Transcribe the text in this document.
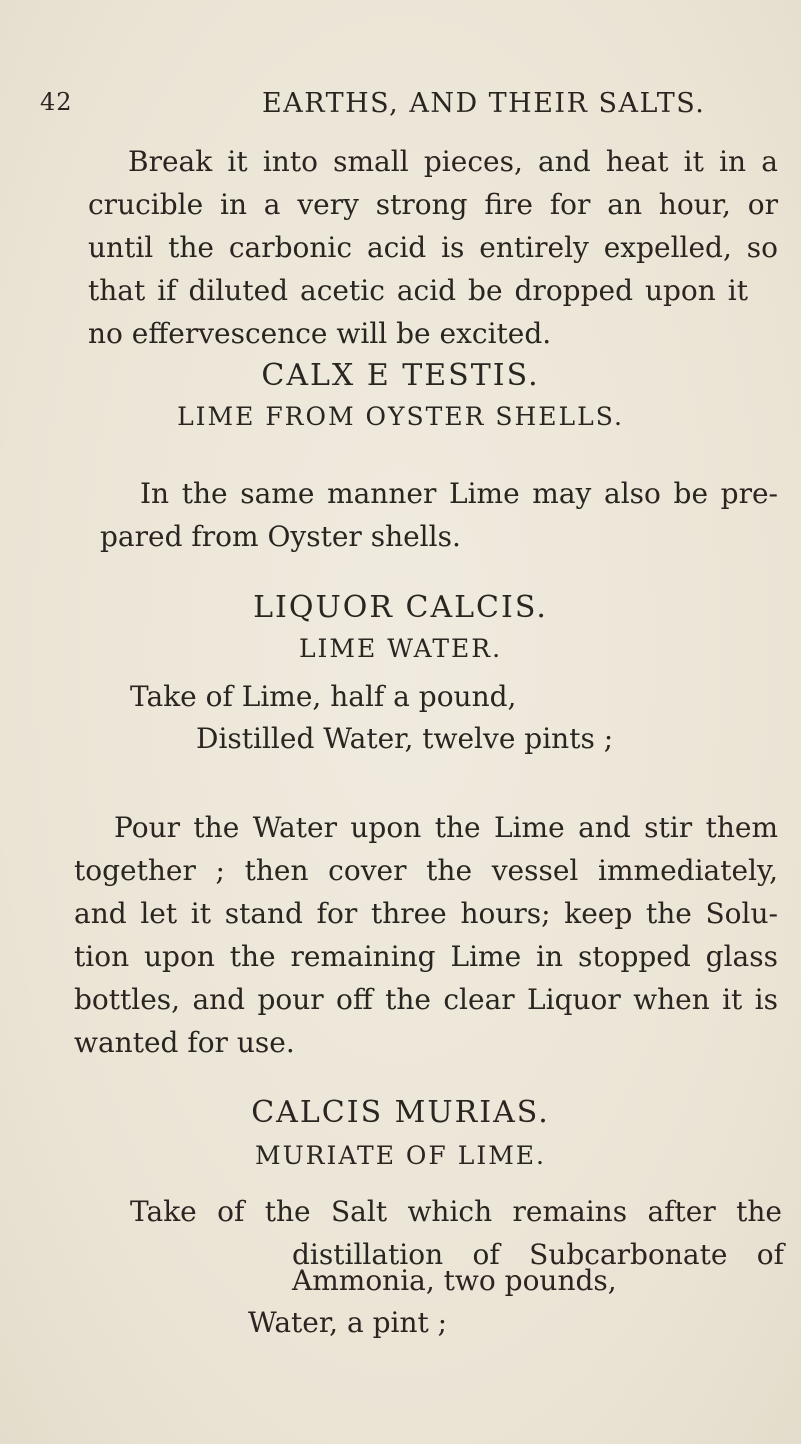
42	EARTHS, AND THEIR SALTS.
Break it into small pieces, and heat it in a
crucible in a very strong fire for an hour, or
until the carbonic acid is entirely expelled, so
that if diluted acetic acid be dropped upon it
no effervescence will be excited.

CALX E TESTIS.

LIME FROM OYSTER SHELLS.

In the same manner Lime may also be pre-
pared from Oyster shells.

LIQUOR CALCIS.

LIME WATER.

Take of Lime, half a pound,

Distilled Water, twelve pints ;

Pour the Water upon the Lime and stir them
together ; then cover the vessel immediately,
and let it stand for three hours; keep the Solu-
tion upon the remaining Lime in stopped glass
bottles, and pour off the clear Liquor when it is
wanted for use.

CALCIS MURIAS.

MURIATE OF LIME.

Take of the Salt which remains after the
distillation of Subcarbonate of

Ammonia, two pounds,

Water, a pint ;
